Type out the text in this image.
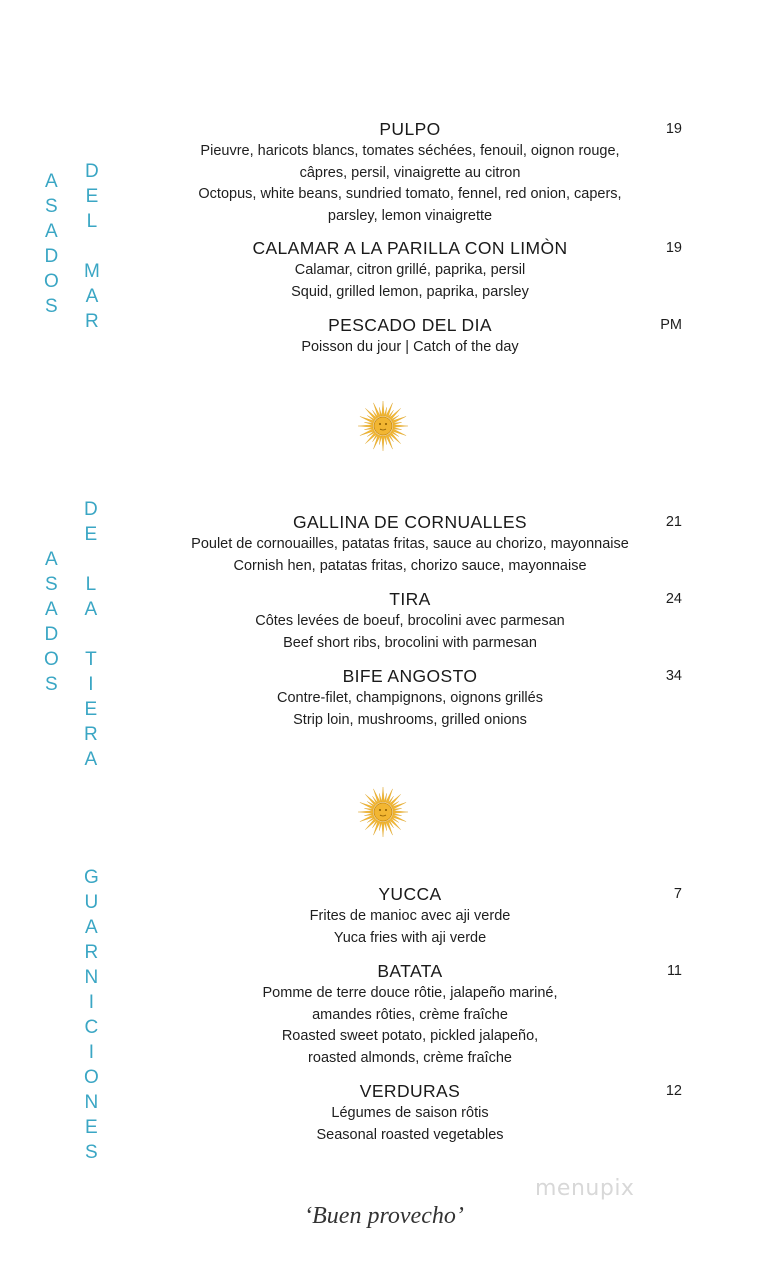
A
S
A
D
O
S
D
E
L

M
A
R
A
S
A
D
O
S
D
E

L
A

T
I
E
R
A
G
U
A
R
N
I
C
I
O
N
E
S
PULPO	19
Pieuvre, haricots blancs, tomates séchées, fenouil, oignon rouge,
câpres, persil, vinaigrette au citron
Octopus, white beans, sundried tomato, fennel, red onion, capers,
parsley, lemon vinaigrette
CALAMAR A LA PARILLA CON LIMÒN	19
Calamar, citron grillé, paprika, persil
Squid, grilled lemon, paprika, parsley
PESCADO DEL DIA	PM
Poisson du jour | Catch of the day
GALLINA DE CORNUALLES	21
Poulet de cornouailles, patatas fritas, sauce au chorizo, mayonnaise
Cornish hen, patatas fritas, chorizo sauce, mayonnaise
TIRA	24
Côtes levées de boeuf, brocolini avec parmesan
Beef short ribs, brocolini with parmesan
BIFE ANGOSTO	34
Contre-filet, champignons, oignons grillés
Strip loin, mushrooms, grilled onions
YUCCA	7
Frites de manioc avec aji verde
Yuca fries with aji verde
BATATA	11
Pomme de terre douce rôtie, jalapeño mariné,
amandes rôties, crème fraîche
Roasted sweet potato, pickled jalapeño,
roasted almonds, crème fraîche
VERDURAS	12
Légumes de saison rôtis
Seasonal roasted vegetables
menupix
‘Buen provecho’
